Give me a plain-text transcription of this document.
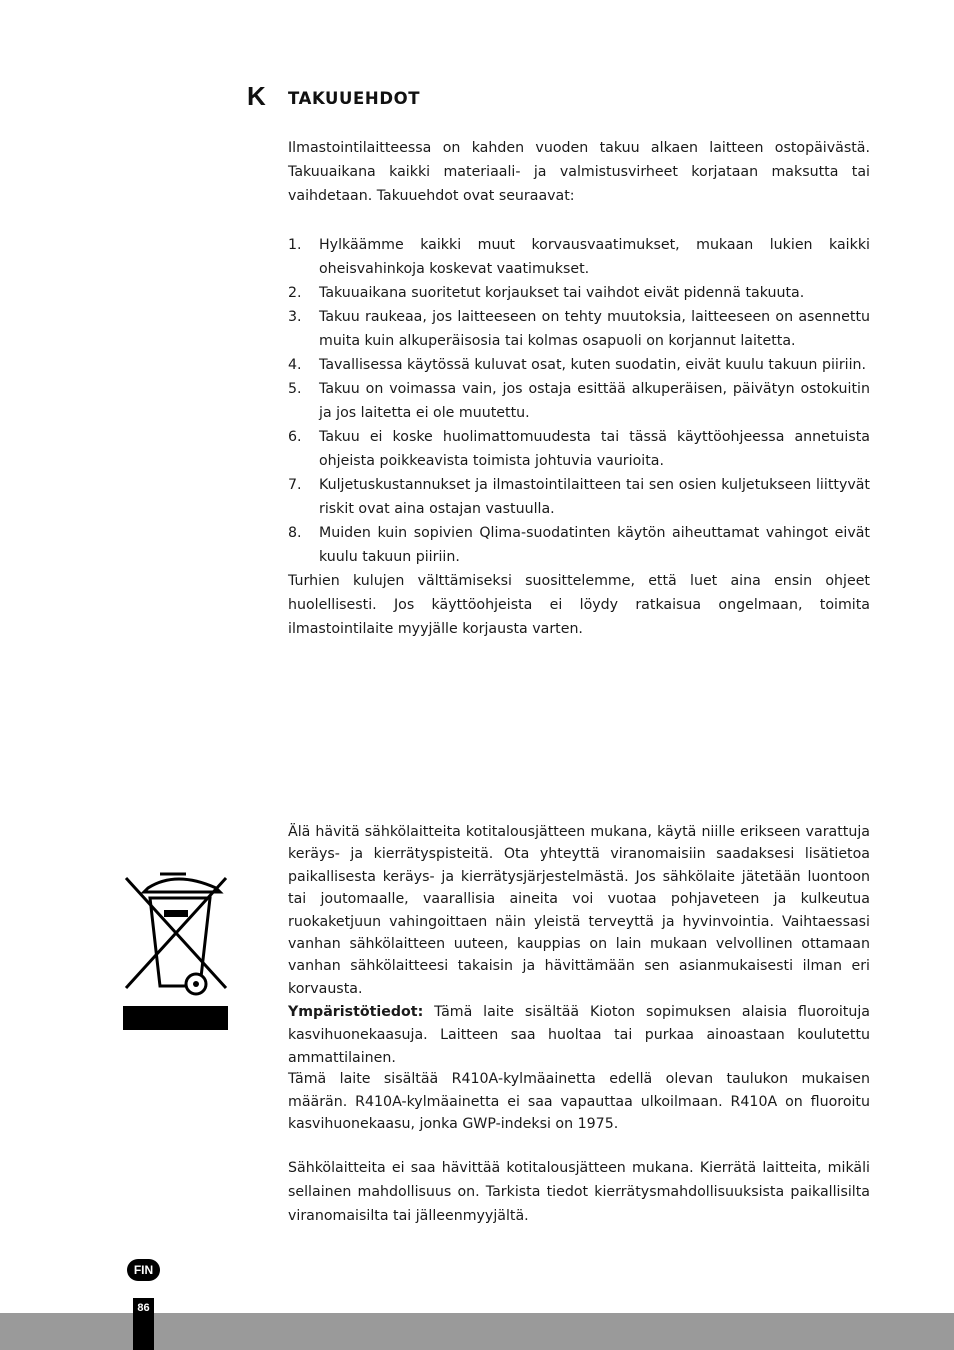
K TAKUUEHDOT

Ilmastointilaitteessa on kahden vuoden takuu alkaen laitteen ostopäivästä. Takuuaikana kaikki materiaali- ja valmistusvirheet korjataan maksutta tai vaihdetaan. Takuuehdot ovat seuraavat:

1. Hylkäämme kaikki muut korvausvaatimukset, mukaan lukien kaikki oheisvahinkoja koskevat vaatimukset.
2. Takuuaikana suoritetut korjaukset tai vaihdot eivät pidennä takuuta.
3. Takuu raukeaa, jos laitteeseen on tehty muutoksia, laitteeseen on asennettu muita kuin alkuperäisosia tai kolmas osapuoli on korjannut laitetta.
4. Tavallisessa käytössä kuluvat osat, kuten suodatin, eivät kuulu takuun piiriin.
5. Takuu on voimassa vain, jos ostaja esittää alkuperäisen, päivätyn ostokuitin ja jos laitetta ei ole muutettu.
6. Takuu ei koske huolimattomuudesta tai tässä käyttöohjeessa annetuista ohjeista poikkeavista toimista johtuvia vaurioita.
7. Kuljetuskustannukset ja ilmastointilaitteen tai sen osien kuljetukseen liittyvät riskit ovat aina ostajan vastuulla.
8. Muiden kuin sopivien Qlima-suodatinten käytön aiheuttamat vahingot eivät kuulu takuun piiriin.

Turhien kulujen välttämiseksi suosittelemme, että luet aina ensin ohjeet huolellisesti. Jos käyttöohjeista ei löydy ratkaisua ongelmaan, toimita ilmastointilaite myyjälle korjausta varten.

Älä hävitä sähkölaitteita kotitalousjätteen mukana, käytä niille erikseen varattuja keräys- ja kierrätyspisteitä. Ota yhteyttä viranomaisiin saadaksesi lisätietoa paikallisesta keräys- ja kierrätysjärjestelmästä. Jos sähkölaite jätetään luontoon tai joutomaalle, vaarallisia aineita voi vuotaa pohjaveteen ja kulkeutua ruokaketjuun vahingoittaen näin yleistä terveyttä ja hyvinvointia. Vaihtaessasi vanhan sähkölaitteen uuteen, kauppias on lain mukaan velvollinen ottamaan vanhan sähkölaitteesi takaisin ja hävittämään sen asianmukaisesti ilman eri korvausta.

Ympäristötiedot: Tämä laite sisältää Kioton sopimuksen alaisia fluoroituja kasvihuonekaasuja. Laitteen saa huoltaa tai purkaa ainoastaan koulutettu ammattilainen.

Tämä laite sisältää R410A-kylmäainetta edellä olevan taulukon mukaisen määrän. R410A-kylmäainetta ei saa vapauttaa ulkoilmaan. R410A on fluoroitu kasvihuonekaasu, jonka GWP-indeksi on 1975.

Sähkölaitteita ei saa hävittää kotitalousjätteen mukana. Kierrätä laitteita, mikäli sellainen mahdollisuus on. Tarkista tiedot kierrätysmahdollisuuksista paikallisilta viranomaisilta tai jälleenmyyjältä.

FIN
86
